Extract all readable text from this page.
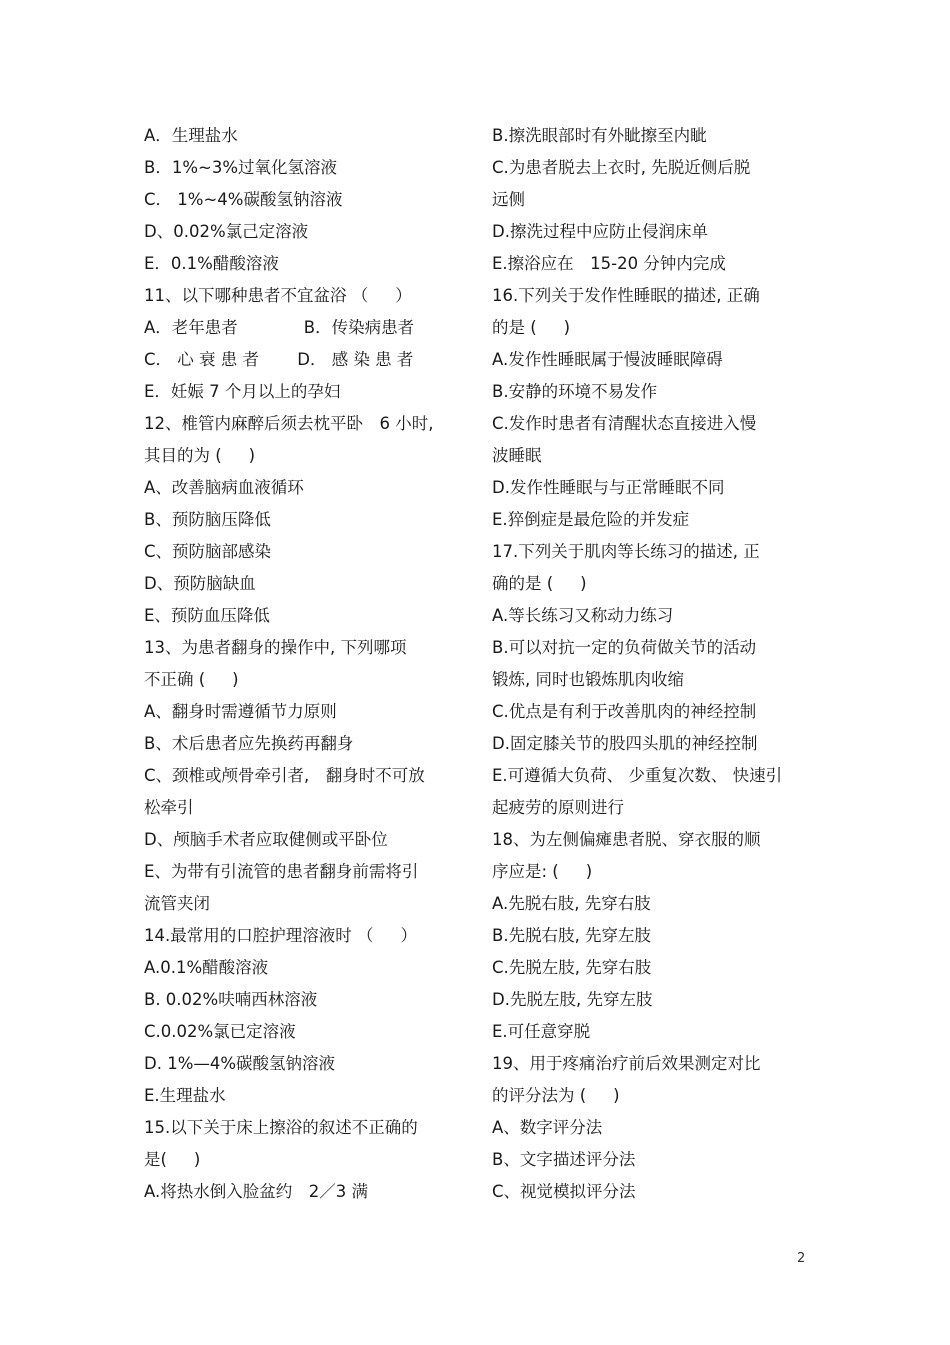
A．生理盐水
B．1%~3%过氧化氢溶液
C． 1%~4%碳酸氢钠溶液
D、0.02%氯己定溶液
E．0.1%醋酸溶液
11、以下哪种患者不宜盆浴 （　  ）
A．老年患者　　　　B．传染病患者
C． 心 衰 患 者　　 D． 感 染 患 者
E．妊娠 7 个月以上的孕妇
12、椎管内麻醉后须去枕平卧　6 小时,
其目的为 (　  )
A、改善脑病血液循环
B、预防脑压降低
C、预防脑部感染
D、预防脑缺血
E、预防血压降低
13、为患者翻身的操作中, 下列哪项
不正确 (　  )
A、翻身时需遵循节力原则
B、术后患者应先换药再翻身
C、颈椎或颅骨牵引者,　翻身时不可放
松牵引
D、颅脑手术者应取健侧或平卧位
E、为带有引流管的患者翻身前需将引
流管夹闭
14.最常用的口腔护理溶液时 （　  ）
A.0.1%醋酸溶液
B. 0.02%呋喃西林溶液
C.0.02%氯已定溶液
D. 1%—4%碳酸氢钠溶液
E.生理盐水
15.以下关于床上擦浴的叙述不正确的
是(　  )
A.将热水倒入脸盆约　2／3 满
B.擦洗眼部时有外眦擦至内眦
C.为患者脱去上衣时, 先脱近侧后脱
远侧
D.擦洗过程中应防止侵润床单
E.擦浴应在　15-20 分钟内完成
16.下列关于发作性睡眠的描述, 正确
的是 (　  )
A.发作性睡眠属于慢波睡眠障碍
B.安静的环境不易发作
C.发作时患者有清醒状态直接进入慢
波睡眠
D.发作性睡眠与与正常睡眠不同
E.猝倒症是最危险的并发症
17.下列关于肌肉等长练习的描述, 正
确的是 (　  )
A.等长练习又称动力练习
B.可以对抗一定的负荷做关节的活动
锻炼, 同时也锻炼肌肉收缩
C.优点是有利于改善肌肉的神经控制
D.固定膝关节的股四头肌的神经控制
E.可遵循大负荷、 少重复次数、 快速引
起疲劳的原则进行
18、为左侧偏瘫患者脱、穿衣服的顺
序应是: (　  )
A.先脱右肢, 先穿右肢
B.先脱右肢, 先穿左肢
C.先脱左肢, 先穿右肢
D.先脱左肢, 先穿左肢
E.可任意穿脱
19、用于疼痛治疗前后效果测定对比
的评分法为 (　  )
A、数字评分法
B、文字描述评分法
C、视觉模拟评分法
2
